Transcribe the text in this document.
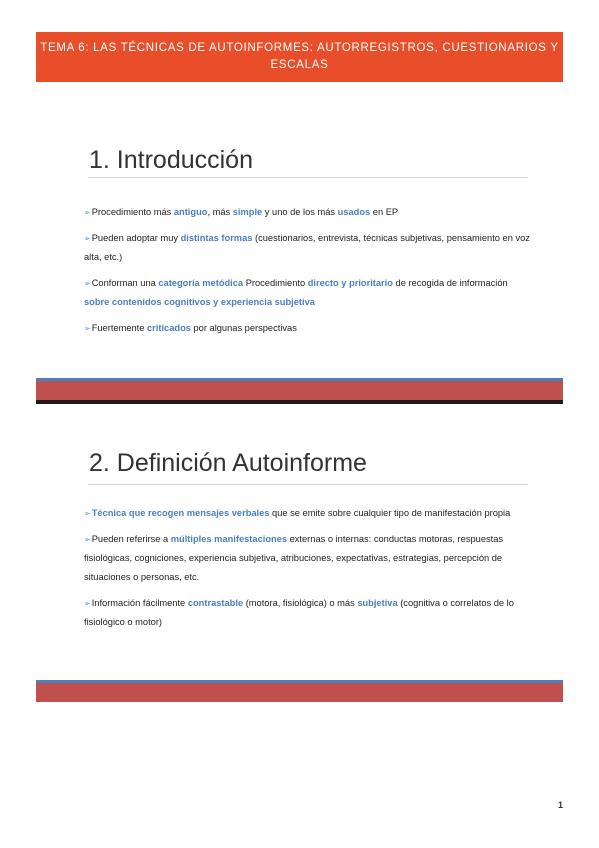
TEMA 6: LAS TÉCNICAS DE AUTOINFORMES: AUTORREGISTROS, CUESTIONARIOS Y
ESCALAS
1. Introducción
➢Procedimiento más antiguo, más simple y uno de los más usados en EP
➢Pueden adoptar muy distintas formas (cuestionarios, entrevista, técnicas subjetivas, pensamiento en voz alta, etc.)
➢Conforman una categoría metódica Procedimiento directo y prioritario de recogida de información sobre contenidos cognitivos y experiencia subjetiva
➢Fuertemente criticados por algunas perspectivas
2. Definición Autoinforme
➢Técnica que recogen mensajes verbales que se emite sobre cualquier tipo de manifestación propia
➢Pueden referirse a múltiples manifestaciones externas o internas: conductas motoras, respuestas fisiológicas, cogniciones, experiencia subjetiva, atribuciones, expectativas, estrategias, percepción de situaciones o personas, etc.
➢Información fácilmente contrastable (motora, fisiológica) o más subjetiva (cognitiva o correlatos de lo fisiológico o motor)
1
